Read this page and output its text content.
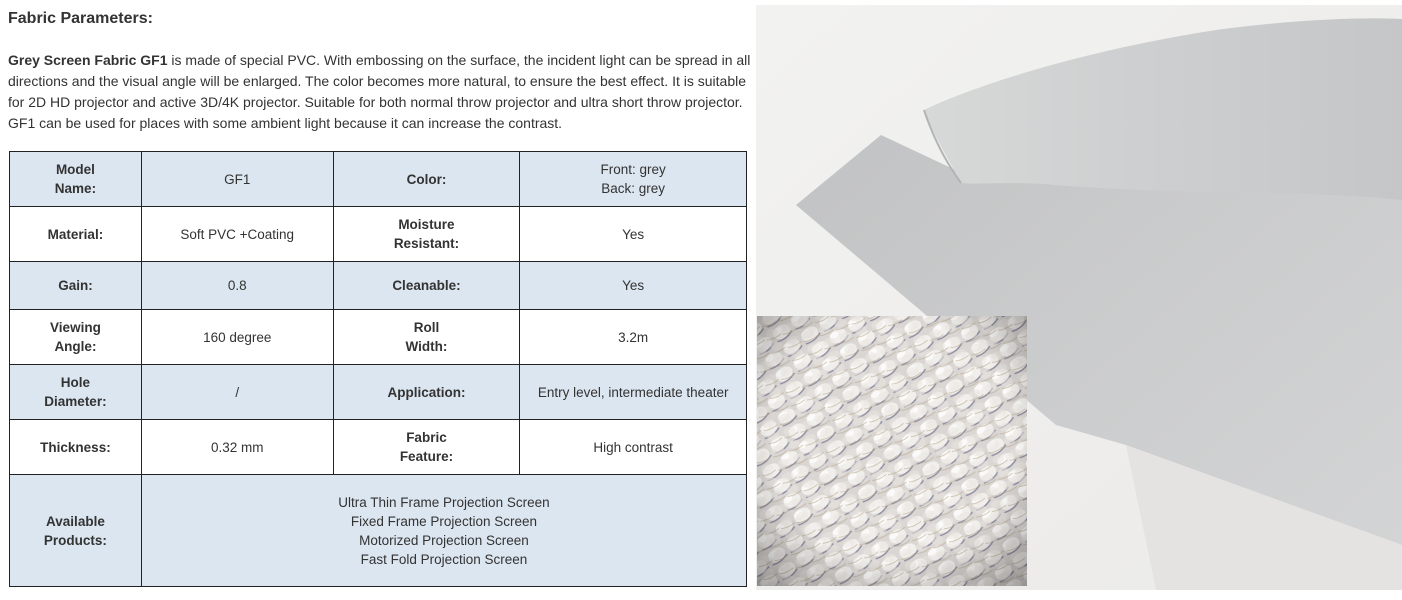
Fabric Parameters:

Grey Screen Fabric GF1 is made of special PVC. With embossing on the surface, the incident light can be spread in all directions and the visual angle will be enlarged. The color becomes more natural, to ensure the best effect. It is suitable for 2D HD projector and active 3D/4K projector. Suitable for both normal throw projector and ultra short throw projector. GF1 can be used for places with some ambient light because it can increase the contrast.

Model Name:	GF1	Color:	Front: grey
Back: grey

Material:	Soft PVC +Coating	Moisture Resistant:	Yes
Gain:	0.8	Cleanable:	Yes

Viewing Angle:	160 degree	Roll Width:	3.2m

Hole Diameter:	/	Application:	Entry level, intermediate theater
Thickness:	0.32 mm	Fabric Feature:	High contrast

Available Products:	Ultra Thin Frame Projection Screen
Fixed Frame Projection Screen
Motorized Projection Screen
Fast Fold Projection Screen		
